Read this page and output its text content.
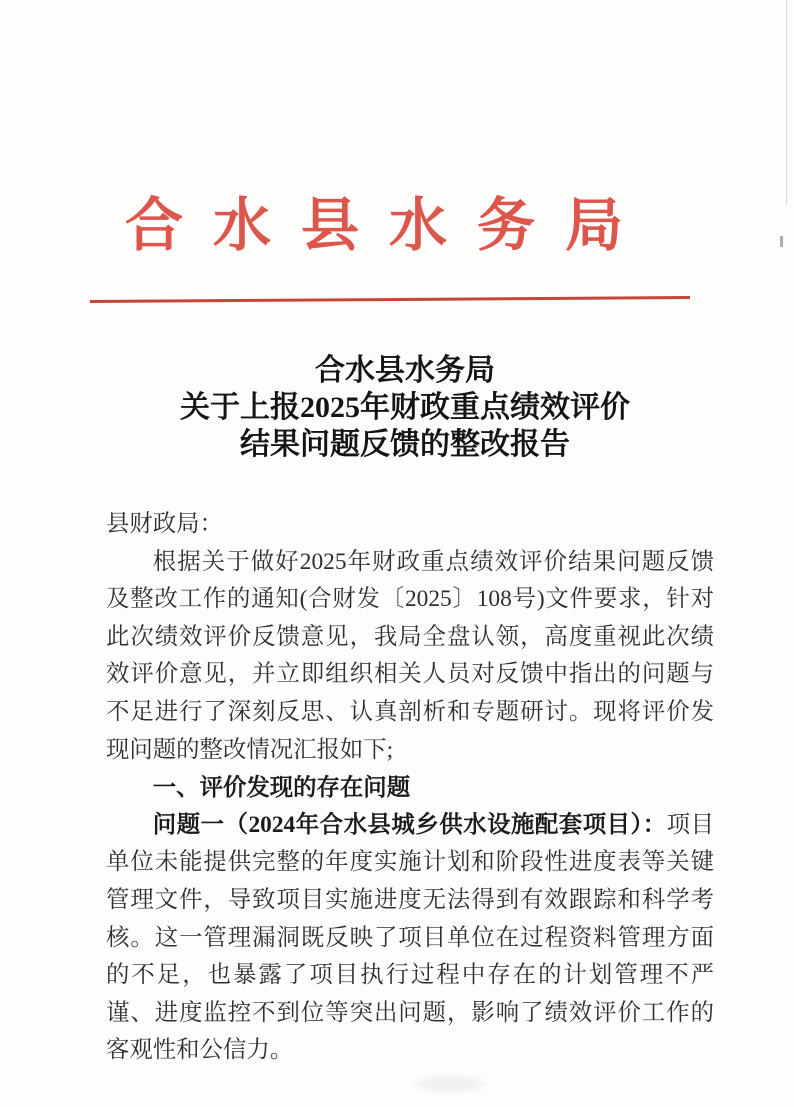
合水县水务局
合水县水务局
关于上报2025年财政重点绩效评价
结果问题反馈的整改报告

县财政局：

根据关于做好2025年财政重点绩效评价结果问题反馈及整改工作的通知(合财发〔2025〕108号)文件要求，针对此次绩效评价反馈意见，我局全盘认领，高度重视此次绩效评价意见，并立即组织相关人员对反馈中指出的问题与不足进行了深刻反思、认真剖析和专题研讨。现将评价发现问题的整改情况汇报如下;

一、评价发现的存在问题

问题一（2024年合水县城乡供水设施配套项目）：项目单位未能提供完整的年度实施计划和阶段性进度表等关键管理文件，导致项目实施进度无法得到有效跟踪和科学考核。这一管理漏洞既反映了项目单位在过程资料管理方面的不足，也暴露了项目执行过程中存在的计划管理不严谨、进度监控不到位等突出问题，影响了绩效评价工作的客观性和公信力。
